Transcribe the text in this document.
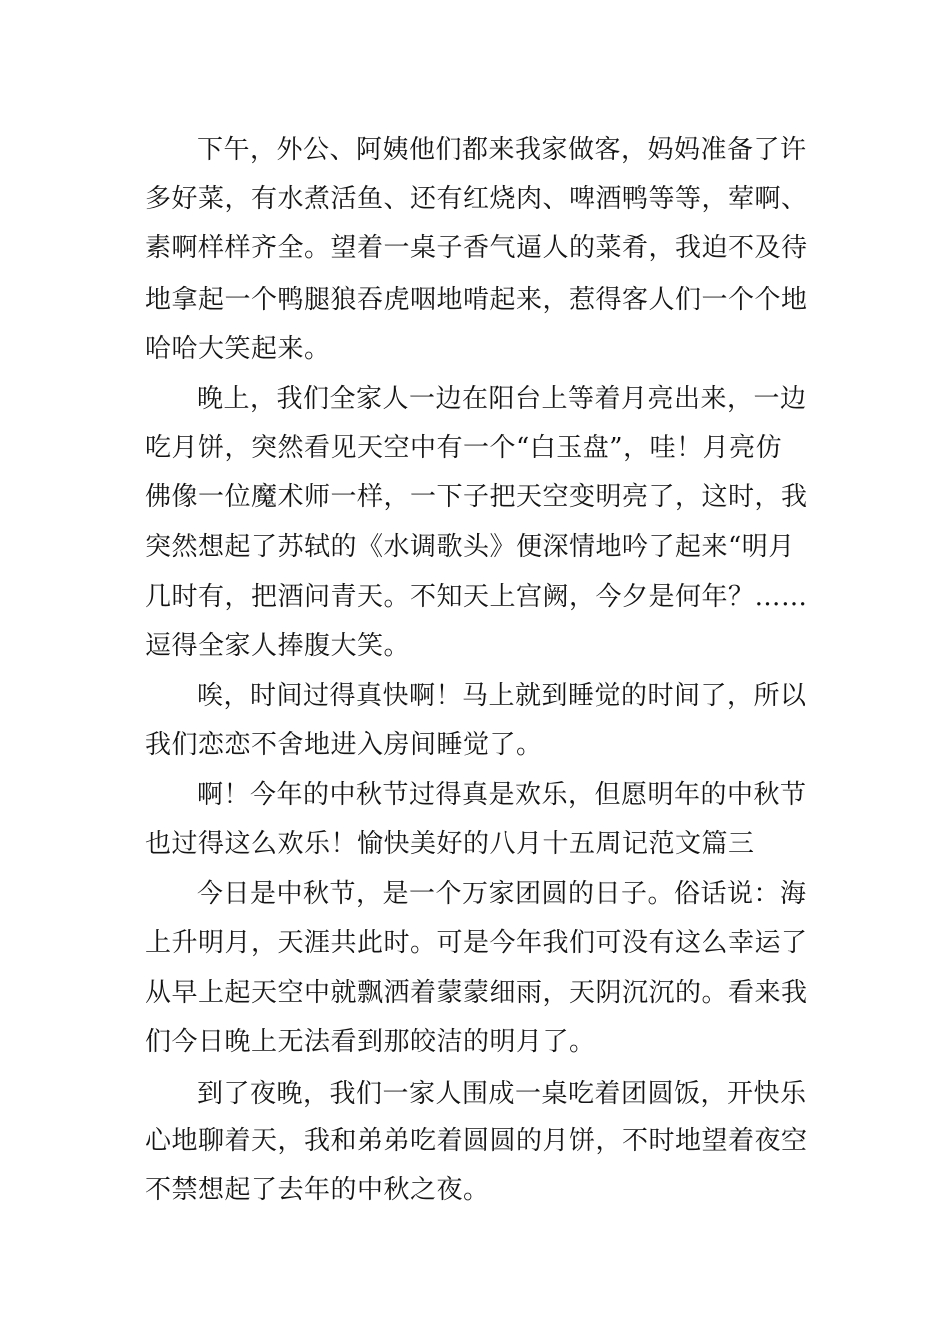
下午，外公、阿姨他们都来我家做客，妈妈准备了许

多好菜，有水煮活鱼、还有红烧肉、啤酒鸭等等，荤啊、

素啊样样齐全。望着一桌子香气逼人的菜肴，我迫不及待

地拿起一个鸭腿狼吞虎咽地啃起来，惹得客人们一个个地

哈哈大笑起来。

晚上，我们全家人一边在阳台上等着月亮出来，一边

吃月饼，突然看见天空中有一个“白玉盘”，哇！月亮仿

佛像一位魔术师一样，一下子把天空变明亮了，这时，我

突然想起了苏轼的《水调歌头》便深情地吟了起来“明月

几时有，把酒问青天。不知天上宫阙，今夕是何年？……

逗得全家人捧腹大笑。

唉，时间过得真快啊！马上就到睡觉的时间了，所以

我们恋恋不舍地进入房间睡觉了。

啊！今年的中秋节过得真是欢乐，但愿明年的中秋节

也过得这么欢乐！愉快美好的八月十五周记范文篇三

今日是中秋节，是一个万家团圆的日子。俗话说：海

上升明月，天涯共此时。可是今年我们可没有这么幸运了

从早上起天空中就飘洒着蒙蒙细雨，天阴沉沉的。看来我

们今日晚上无法看到那皎洁的明月了。

到了夜晚，我们一家人围成一桌吃着团圆饭，开快乐

心地聊着天，我和弟弟吃着圆圆的月饼，不时地望着夜空

不禁想起了去年的中秋之夜。
